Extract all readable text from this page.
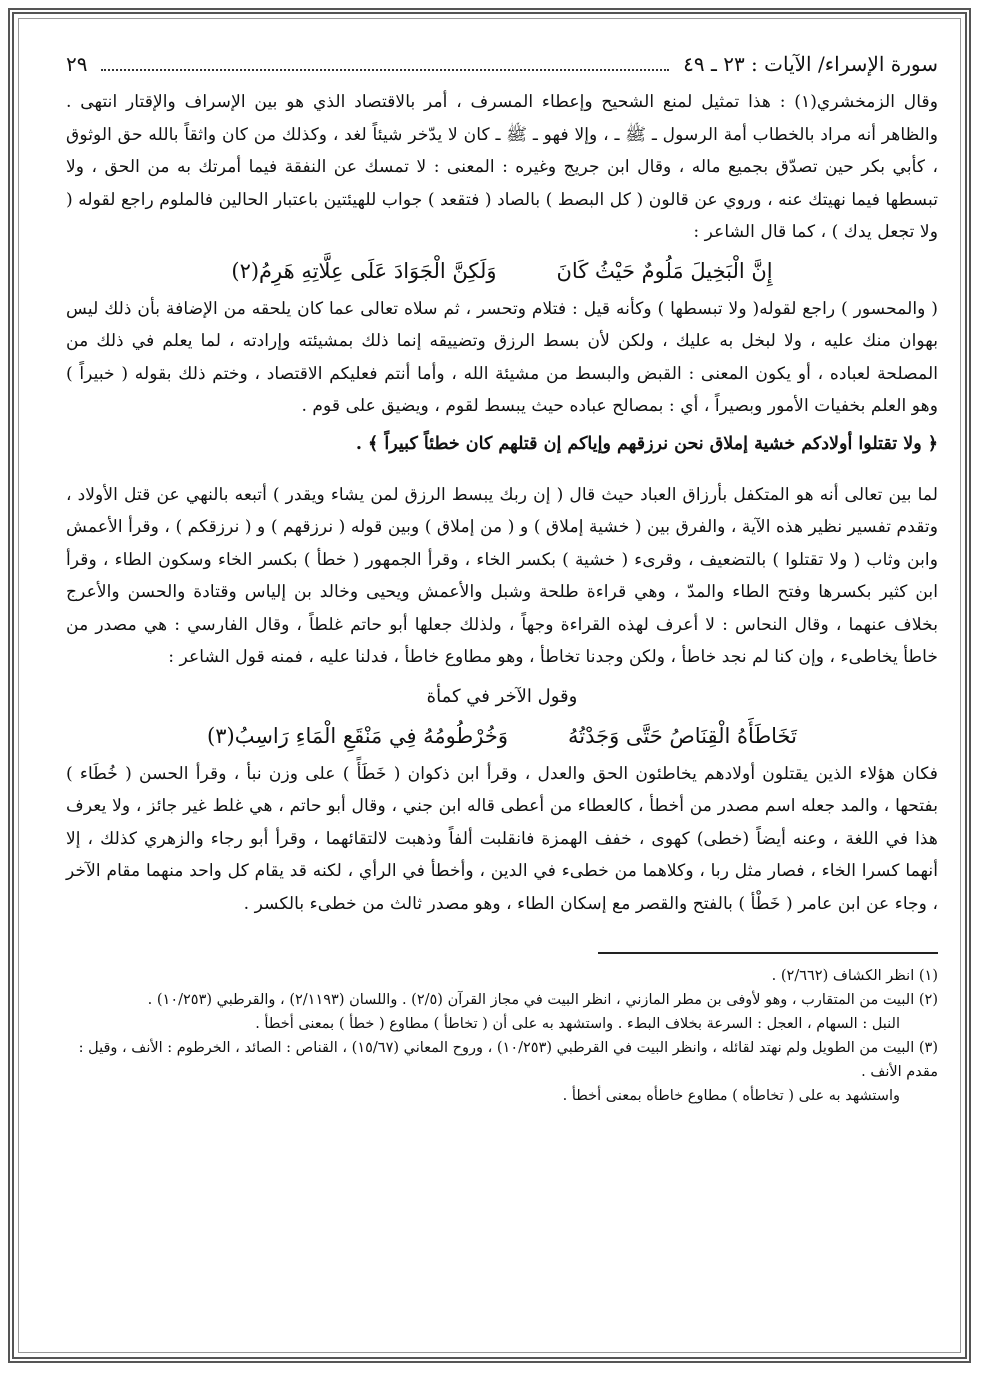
سورة الإسراء/ الآيات : ٢٣ ـ ٤٩
٢٩

وقال الزمخشري(١) : هذا تمثيل لمنع الشحيح وإعطاء المسرف ، أمر بالاقتصاد الذي هو بين الإسراف والإقتار انتهى . والظاهر أنه مراد بالخطاب أمة الرسول ـ ﷺ ـ ، وإلا فهو ـ ﷺ ـ كان لا يدّخر شيئاً لغد ، وكذلك من كان واثقاً بالله حق الوثوق ، كأبي بكر حين تصدّق بجميع ماله ، وقال ابن جريج وغيره : المعنى : لا تمسك عن النفقة فيما أمرتك به من الحق ، ولا تبسطها فيما نهيتك عنه ، وروي عن قالون ( كل البصط ) بالصاد ( فتقعد ) جواب للهيئتين باعتبار الحالين فالملوم راجع لقوله ( ولا تجعل يدك ) ، كما قال الشاعر :

إِنَّ الْبَخِيلَ مَلُومٌ حَيْثُ كَانَ
وَلَكِنَّ الْجَوَادَ عَلَى عِلَّاتِهِ هَرِمُ(٢)

( والمحسور ) راجع لقوله( ولا تبسطها ) وكأنه قيل : فتلام وتحسر ، ثم سلاه تعالى عما كان يلحقه من الإضافة بأن ذلك ليس بهوان منك عليه ، ولا لبخل به عليك ، ولكن لأن بسط الرزق وتضييقه إنما ذلك بمشيئته وإرادته ، لما يعلم في ذلك من المصلحة لعباده ، أو يكون المعنى : القبض والبسط من مشيئة الله ، وأما أنتم فعليكم الاقتصاد ، وختم ذلك بقوله ( خبيراً ) وهو العلم بخفيات الأمور وبصيراً ، أي : بمصالح عباده حيث يبسط لقوم ، ويضيق على قوم .

﴿ ولا تقتلوا أولادكم خشية إملاق نحن نرزقهم وإياكم إن قتلهم كان خطئاً كبيراً ﴾ .

لما بين تعالى أنه هو المتكفل بأرزاق العباد حيث قال ( إن ربك يبسط الرزق لمن يشاء ويقدر ) أتبعه بالنهي عن قتل الأولاد ، وتقدم تفسير نظير هذه الآية ، والفرق بين ( خشية إملاق ) و ( من إملاق ) وبين قوله ( نرزقهم ) و ( نرزقكم ) ، وقرأ الأعمش وابن وثاب ( ولا تقتلوا ) بالتضعيف ، وقرىء ( خشية ) بكسر الخاء ، وقرأ الجمهور ( خطأ ) بكسر الخاء وسكون الطاء ، وقرأ ابن كثير بكسرها وفتح الطاء والمدّ ، وهي قراءة طلحة وشبل والأعمش ويحيى وخالد بن إلياس وقتادة والحسن والأعرج بخلاف عنهما ، وقال النحاس : لا أعرف لهذه القراءة وجهاً ، ولذلك جعلها أبو حاتم غلطاً ، وقال الفارسي : هي مصدر من خاطأ يخاطىء ، وإن كنا لم نجد خاطأ ، ولكن وجدنا تخاطأ ، وهو مطاوع خاطأ ، فدلنا عليه ، فمنه قول الشاعر :

وقول الآخر في كمأة
تَخَاطَأَهُ الْقِنَاصُ حَتَّى وَجَدْتُهُ
وَخُرْطُومُهُ فِي مَنْقَعِ الْمَاءِ رَاسِبُ(٣)

فكان هؤلاء الذين يقتلون أولادهم يخاطئون الحق والعدل ، وقرأ ابن ذكوان ( خَطَأً ) على وزن نبأ ، وقرأ الحسن ( خُطَاء ) بفتحها ، والمد جعله اسم مصدر من أخطأ ، كالعطاء من أعطى قاله ابن جني ، وقال أبو حاتم ، هي غلط غير جائز ، ولا يعرف هذا في اللغة ، وعنه أيضاً (خطى) كهوى ، خفف الهمزة فانقلبت ألفاً وذهبت لالتقائهما ، وقرأ أبو رجاء والزهري كذلك ، إلا أنهما كسرا الخاء ، فصار مثل ربا ، وكلاهما من خطىء في الدين ، وأخطأ في الرأي ، لكنه قد يقام كل واحد منهما مقام الآخر ، وجاء عن ابن عامر ( خَطْأ ) بالفتح والقصر مع إسكان الطاء ، وهو مصدر ثالث من خطىء بالكسر .

(١) انظر الكشاف (٢/٦٦٢) .
(٢) البيت من المتقارب ، وهو لأوفى بن مطر المازني ، انظر البيت في مجاز القرآن (٢/٥) . واللسان (٢/١١٩٣) ، والقرطبي (١٠/٢٥٣) .
النبل : السهام ، العجل : السرعة بخلاف البطء . واستشهد به على أن ( تخاطأ ) مطاوع ( خطأ ) بمعنى أخطأ .
(٣) البيت من الطويل ولم نهتد لقائله ، وانظر البيت في القرطبي (١٠/٢٥٣) ، وروح المعاني (١٥/٦٧) ، القناص : الصائد ، الخرطوم : الأنف ، وقيل : مقدم الأنف .
واستشهد به على ( تخاطأه ) مطاوع خاطأه بمعنى أخطأ .
